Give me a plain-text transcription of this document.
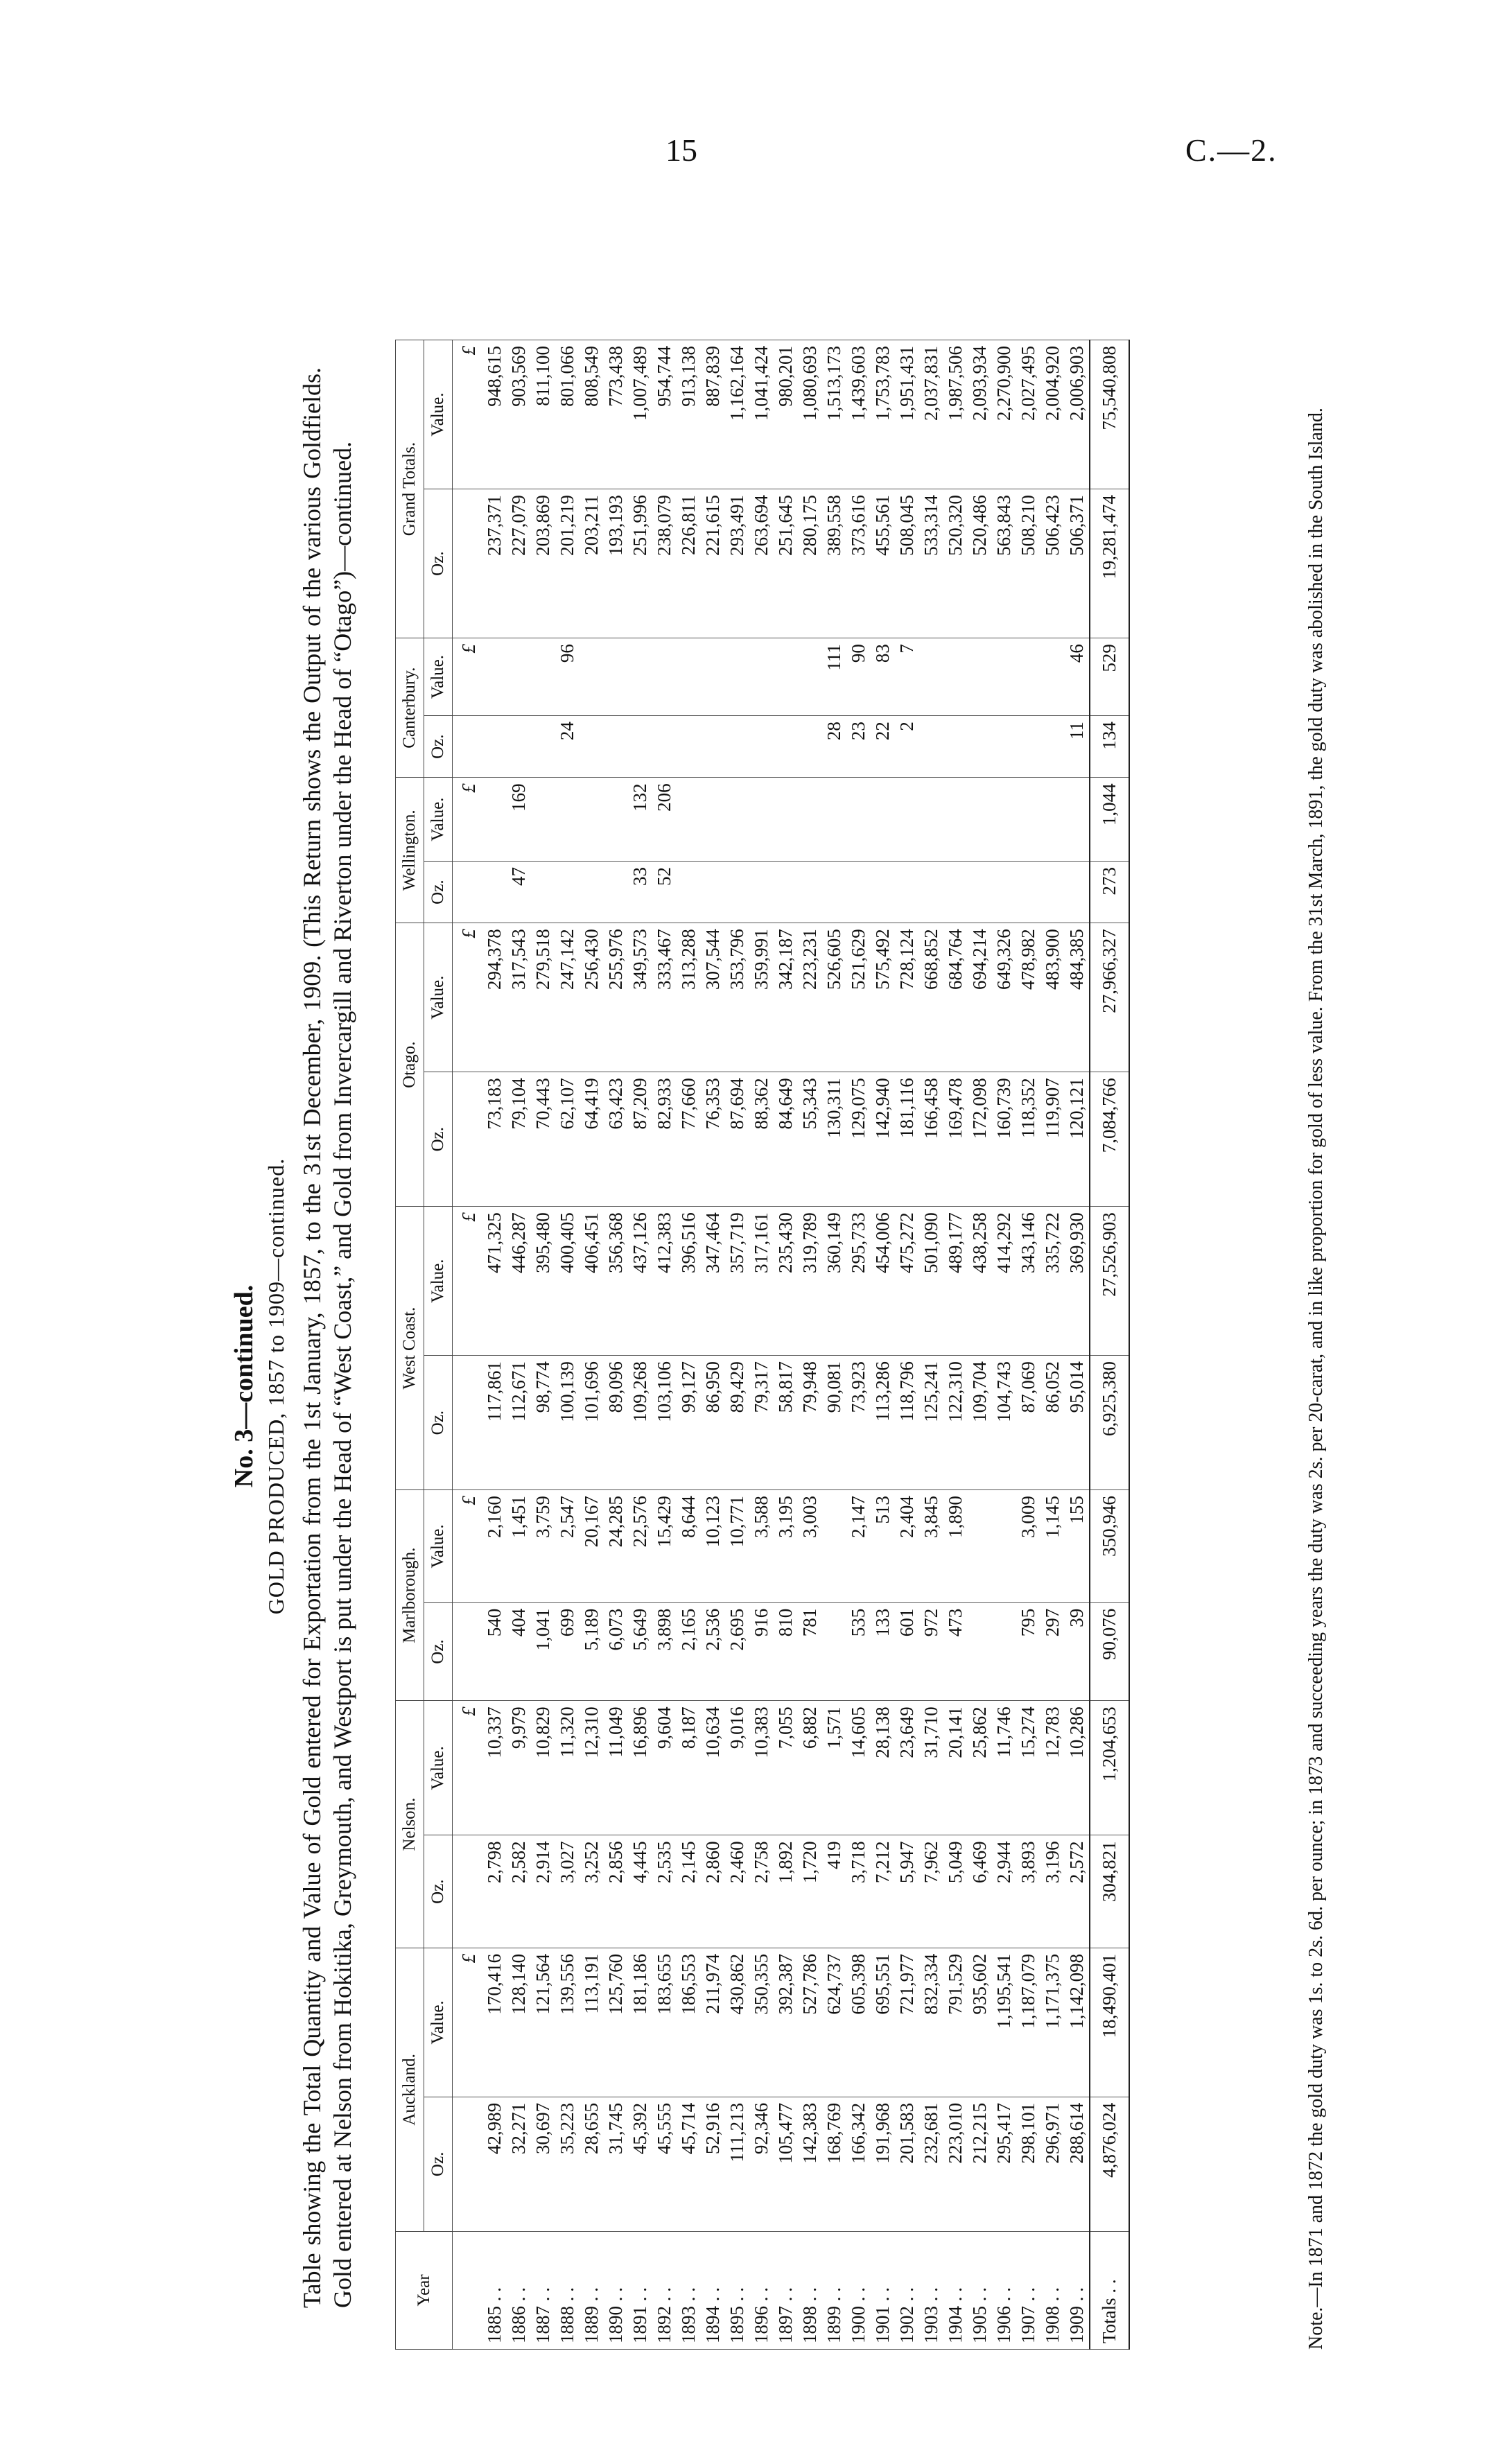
15	C.—2.
No. 3—continued. GOLD PRODUCED, 1857 to 1909—continued. Table showing the Total Quantity and Value of Gold entered for Exportation from the 1st January, 1857, to the 31st December, 1909. (This Return shows the Output of the various Goldfields. Gold entered at Nelson from Hokitika, Greymouth, and Westport is put under the Head of “West Coast,” and Gold from Invercargill and Riverton under the Head of “Otago”)—continued.	Year	Auckland.		Nelson.		Marlborough.		West Coast.		Otago.		Wellington.		Canterbury.		Grand Totals.	
	Oz.	Value.	Oz.	Value.	Oz.	Value.	Oz.	Value.	Oz.	Value.	Oz.	Value.	Oz.	Value.	Oz.	Value.
		£		£		£		£		£		£		£		£
1885 . .	42,989	170,416	2,798	10,337	540	2,160	117,861	471,325	73,183	294,378					237,371	948,615
1886 . .	32,271	128,140	2,582	9,979	404	1,451	112,671	446,287	79,104	317,543	47	169			227,079	903,569
1887 . .	30,697	121,564	2,914	10,829	1,041	3,759	98,774	395,480	70,443	279,518					203,869	811,100
1888 . .	35,223	139,556	3,027	11,320	699	2,547	100,139	400,405	62,107	247,142			24	96	201,219	801,066
1889 . .	28,655	113,191	3,252	12,310	5,189	20,167	101,696	406,451	64,419	256,430					203,211	808,549
1890 . .	31,745	125,760	2,856	11,049	6,073	24,285	89,096	356,368	63,423	255,976					193,193	773,438
1891 . .	45,392	181,186	4,445	16,896	5,649	22,576	109,268	437,126	87,209	349,573	33	132			251,996	1,007,489
1892 . .	45,555	183,655	2,535	9,604	3,898	15,429	103,106	412,383	82,933	333,467	52	206			238,079	954,744
1893 . .	45,714	186,553	2,145	8,187	2,165	8,644	99,127	396,516	77,660	313,288					226,811	913,138
1894 . .	52,916	211,974	2,860	10,634	2,536	10,123	86,950	347,464	76,353	307,544					221,615	887,839
1895 . .	111,213	430,862	2,460	9,016	2,695	10,771	89,429	357,719	87,694	353,796					293,491	1,162,164
1896 . .	92,346	350,355	2,758	10,383	916	3,588	79,317	317,161	88,362	359,991					263,694	1,041,424
1897 . .	105,477	392,387	1,892	7,055	810	3,195	58,817	235,430	84,649	342,187					251,645	980,201
1898 . .	142,383	527,786	1,720	6,882	781	3,003	79,948	319,789	55,343	223,231					280,175	1,080,693
1899 . .	168,769	624,737	419	1,571			90,081	360,149	130,311	526,605			28	111	389,558	1,513,173
1900 . .	166,342	605,398	3,718	14,605	535	2,147	73,923	295,733	129,075	521,629			23	90	373,616	1,439,603
1901 . .	191,968	695,551	7,212	28,138	133	513	113,286	454,006	142,940	575,492			22	83	455,561	1,753,783
1902 . .	201,583	721,977	5,947	23,649	601	2,404	118,796	475,272	181,116	728,124			2	7	508,045	1,951,431
1903 . .	232,681	832,334	7,962	31,710	972	3,845	125,241	501,090	166,458	668,852					533,314	2,037,831
1904 . .	223,010	791,529	5,049	20,141	473	1,890	122,310	489,177	169,478	684,764					520,320	1,987,506
1905 . .	212,215	935,602	6,469	25,862			109,704	438,258	172,098	694,214					520,486	2,093,934
1906 . .	295,417	1,195,541	2,944	11,746			104,743	414,292	160,739	649,326					563,843	2,270,900
1907 . .	298,101	1,187,079	3,893	15,274	795	3,009	87,069	343,146	118,352	478,982					508,210	2,027,495
1908 . .	296,971	1,171,375	3,196	12,783	297	1,145	86,052	335,722	119,907	483,900					506,423	2,004,920
1909 . .	288,614	1,142,098	2,572	10,286	39	155	95,014	369,930	120,121	484,385			11	46	506,371	2,006,903
Totals . .	4,876,024	18,490,401	304,821	1,204,653	90,076	350,946	6,925,380	27,526,903	7,084,766	27,966,327	273	1,044	134	529	19,281,474	75,540,808
Note.—In 1871 and 1872 the gold duty was 1s. to 2s. 6d. per ounce; in 1873 and succeeding years the duty was 2s. per 20-carat, and in like proportion for gold of less value. From the 31st March, 1891, the gold duty was abolished in the South Island.
